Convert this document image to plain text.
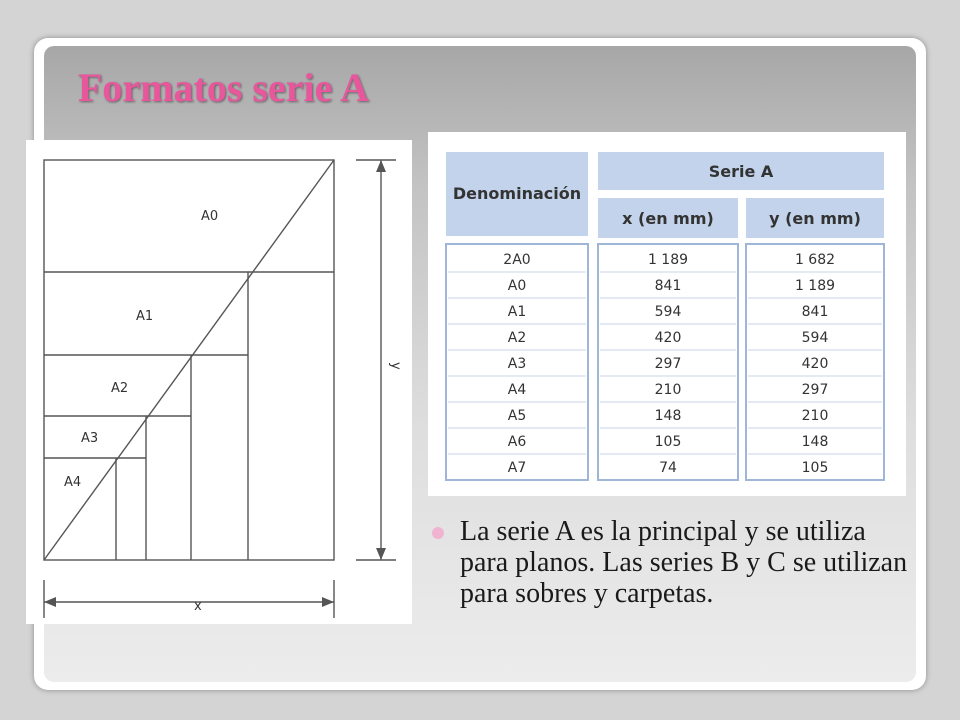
Formatos serie A
A0
A1
A2
A3
A4
x
y
Denominación
Serie A
x (en mm)	y (en mm)
2A0	1 189	1 682
A0	841	1 189
A1	594	841
A2	420	594
A3	297	420
A4	210	297
A5	148	210
A6	105	148
A7	74	105

La serie A es la principal y se utiliza para planos. Las series B y C se utilizan para sobres y carpetas.
